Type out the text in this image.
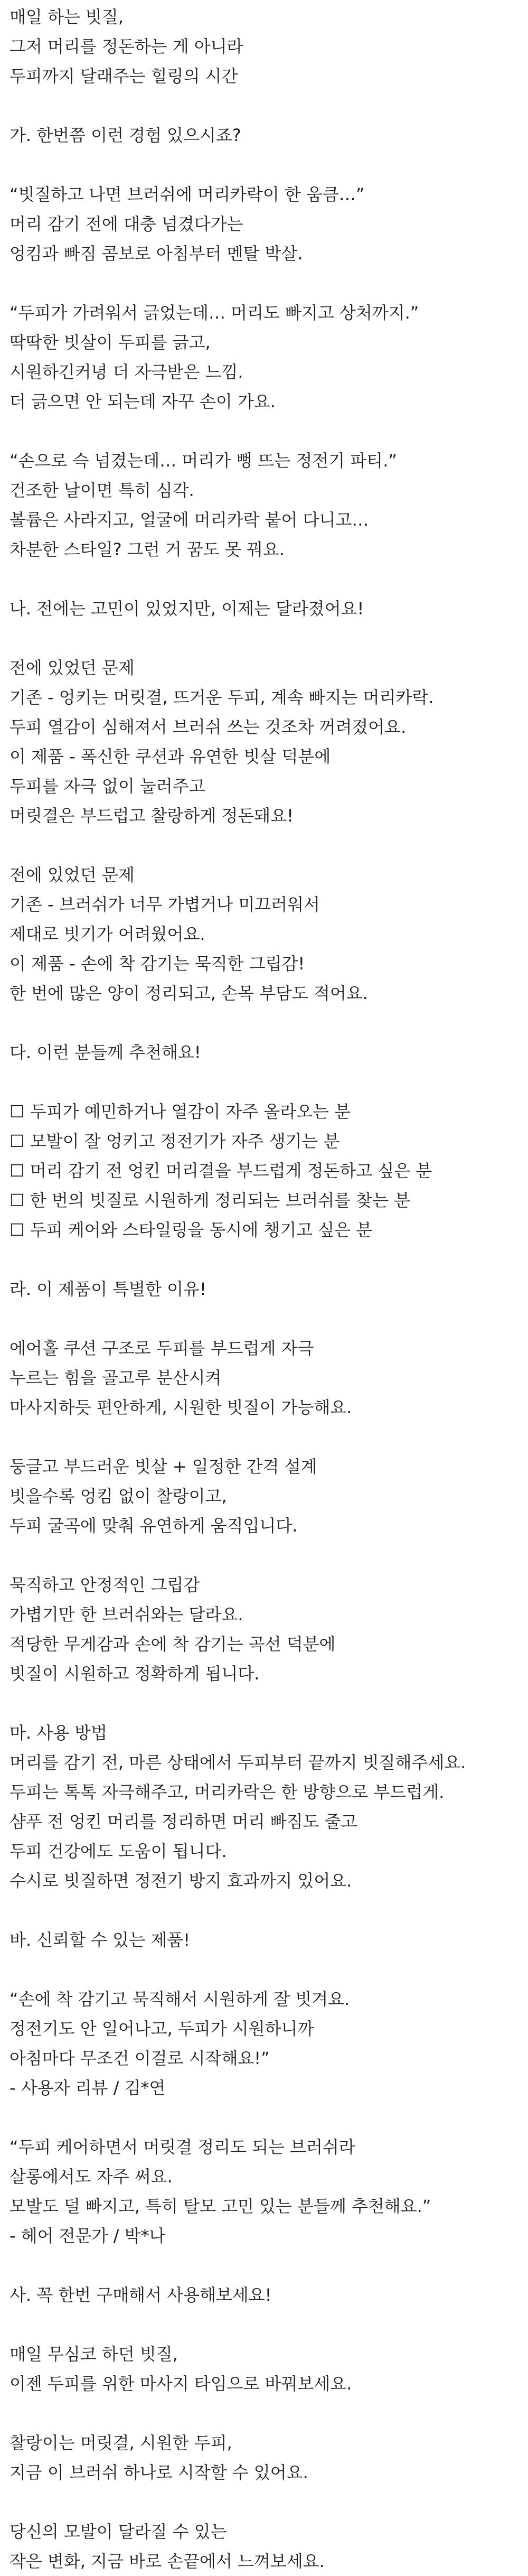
매일 하는 빗질,
그저 머리를 정돈하는 게 아니라
두피까지 달래주는 힐링의 시간
가. 한번쯤 이런 경험 있으시죠?
“빗질하고 나면 브러쉬에 머리카락이 한 움큼…”
머리 감기 전에 대충 넘겼다가는
엉킴과 빠짐 콤보로 아침부터 멘탈 박살.
“두피가 가려워서 긁었는데… 머리도 빠지고 상처까지.”
딱딱한 빗살이 두피를 긁고,
시원하긴커녕 더 자극받은 느낌.
더 긁으면 안 되는데 자꾸 손이 가요.
“손으로 슥 넘겼는데… 머리가 뻥 뜨는 정전기 파티.”
건조한 날이면 특히 심각.
볼륨은 사라지고, 얼굴에 머리카락 붙어 다니고…
차분한 스타일? 그런 거 꿈도 못 꿔요.
나. 전에는 고민이 있었지만, 이제는 달라졌어요!
전에 있었던 문제
기존 - 엉키는 머릿결, 뜨거운 두피, 계속 빠지는 머리카락.
두피 열감이 심해져서 브러쉬 쓰는 것조차 꺼려졌어요.
이 제품 - 폭신한 쿠션과 유연한 빗살 덕분에
두피를 자극 없이 눌러주고
머릿결은 부드럽고 찰랑하게 정돈돼요!
전에 있었던 문제
기존 - 브러쉬가 너무 가볍거나 미끄러워서
제대로 빗기가 어려웠어요.
이 제품 - 손에 착 감기는 묵직한 그립감!
한 번에 많은 양이 정리되고, 손목 부담도 적어요.
다. 이런 분들께 추천해요!
☐ 두피가 예민하거나 열감이 자주 올라오는 분
☐ 모발이 잘 엉키고 정전기가 자주 생기는 분
☐ 머리 감기 전 엉킨 머리결을 부드럽게 정돈하고 싶은 분
☐ 한 번의 빗질로 시원하게 정리되는 브러쉬를 찾는 분
☐ 두피 케어와 스타일링을 동시에 챙기고 싶은 분
라. 이 제품이 특별한 이유!
에어홀 쿠션 구조로 두피를 부드럽게 자극
누르는 힘을 골고루 분산시켜
마사지하듯 편안하게, 시원한 빗질이 가능해요.
둥글고 부드러운 빗살 + 일정한 간격 설계
빗을수록 엉킴 없이 찰랑이고,
두피 굴곡에 맞춰 유연하게 움직입니다.
묵직하고 안정적인 그립감
가볍기만 한 브러쉬와는 달라요.
적당한 무게감과 손에 착 감기는 곡선 덕분에
빗질이 시원하고 정확하게 됩니다.
마. 사용 방법
머리를 감기 전, 마른 상태에서 두피부터 끝까지 빗질해주세요.
두피는 톡톡 자극해주고, 머리카락은 한 방향으로 부드럽게.
샴푸 전 엉킨 머리를 정리하면 머리 빠짐도 줄고
두피 건강에도 도움이 됩니다.
수시로 빗질하면 정전기 방지 효과까지 있어요.
바. 신뢰할 수 있는 제품!
“손에 착 감기고 묵직해서 시원하게 잘 빗겨요.
정전기도 안 일어나고, 두피가 시원하니까
아침마다 무조건 이걸로 시작해요!”
- 사용자 리뷰 / 김*연
“두피 케어하면서 머릿결 정리도 되는 브러쉬라
살롱에서도 자주 써요.
모발도 덜 빠지고, 특히 탈모 고민 있는 분들께 추천해요.”
- 헤어 전문가 / 박*나
사. 꼭 한번 구매해서 사용해보세요!
매일 무심코 하던 빗질,
이젠 두피를 위한 마사지 타임으로 바꿔보세요.
찰랑이는 머릿결, 시원한 두피,
지금 이 브러쉬 하나로 시작할 수 있어요.
당신의 모발이 달라질 수 있는
작은 변화, 지금 바로 손끝에서 느껴보세요.
